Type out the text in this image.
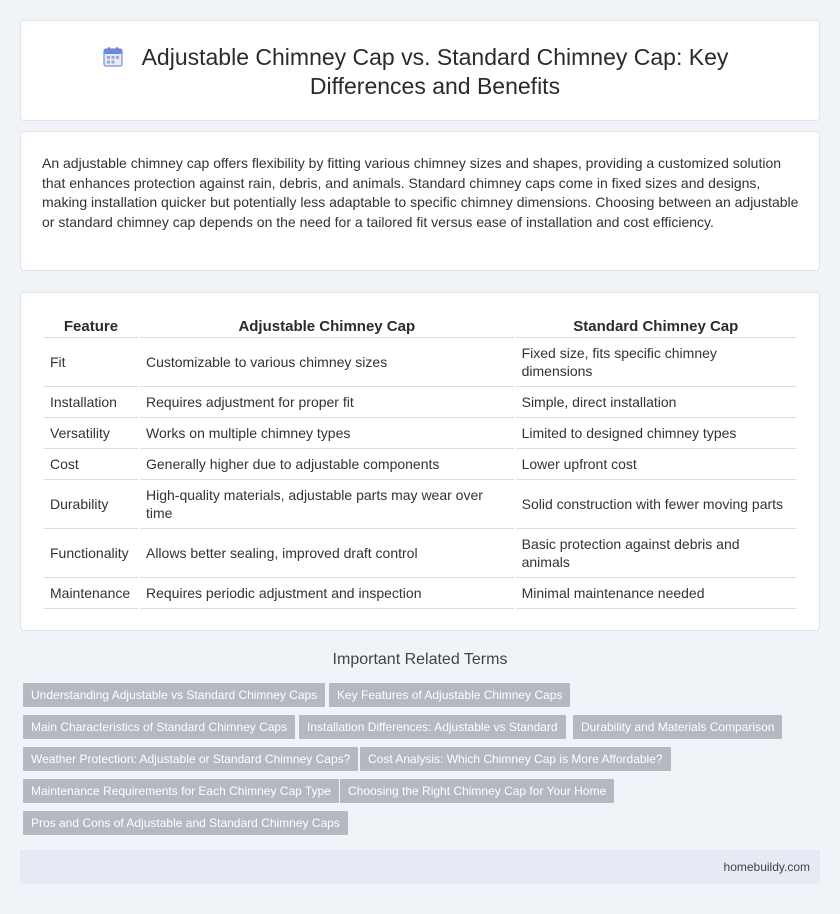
Adjustable Chimney Cap vs. Standard Chimney Cap: Key Differences and Benefits

An adjustable chimney cap offers flexibility by fitting various chimney sizes and shapes, providing a customized solution that enhances protection against rain, debris, and animals. Standard chimney caps come in fixed sizes and designs, making installation quicker but potentially less adaptable to specific chimney dimensions. Choosing between an adjustable or standard chimney cap depends on the need for a tailored fit versus ease of installation and cost efficiency.

Feature	Adjustable Chimney Cap	Standard Chimney Cap
Fit	Customizable to various chimney sizes	Fixed size, fits specific chimney dimensions
Installation	Requires adjustment for proper fit	Simple, direct installation
Versatility	Works on multiple chimney types	Limited to designed chimney types
Cost	Generally higher due to adjustable components	Lower upfront cost
Durability	High-quality materials, adjustable parts may wear over time	Solid construction with fewer moving parts
Functionality	Allows better sealing, improved draft control	Basic protection against debris and animals
Maintenance	Requires periodic adjustment and inspection	Minimal maintenance needed
Important Related Terms
Understanding Adjustable vs Standard Chimney Caps	Key Features of Adjustable Chimney Caps
Main Characteristics of Standard Chimney Caps	Installation Differences: Adjustable vs Standard	Durability and Materials Comparison
Weather Protection: Adjustable or Standard Chimney Caps?	Cost Analysis: Which Chimney Cap is More Affordable?
Maintenance Requirements for Each Chimney Cap Type	Choosing the Right Chimney Cap for Your Home
Pros and Cons of Adjustable and Standard Chimney Caps
homebuildy.com
